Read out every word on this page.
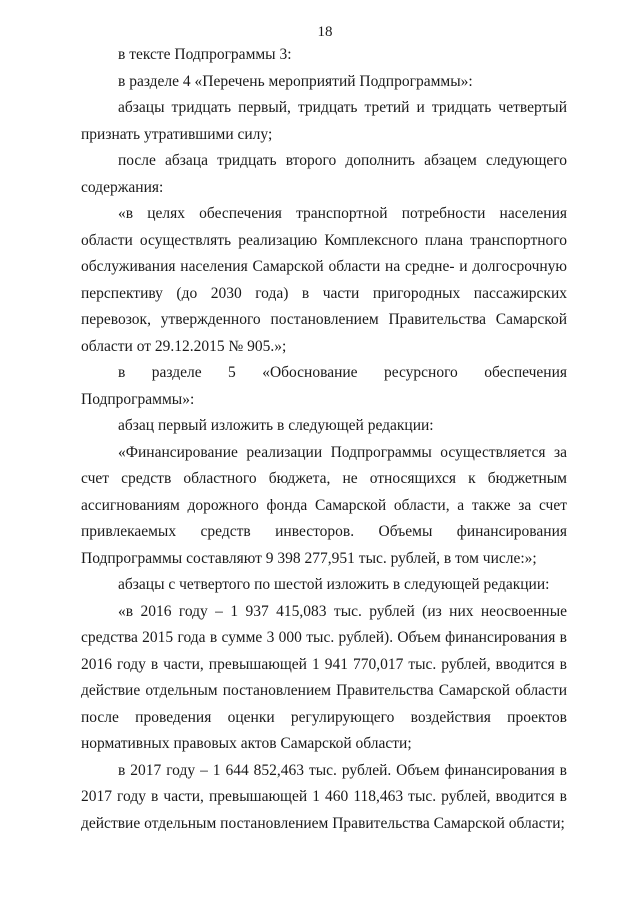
18

в тексте Подпрограммы 3:

в разделе 4 «Перечень мероприятий Подпрограммы»:

абзацы тридцать первый, тридцать третий и тридцать четвертый признать утратившими силу;

после абзаца тридцать второго дополнить абзацем следующего содержания:

«в целях обеспечения транспортной потребности населения области осуществлять реализацию Комплексного плана транспортного обслуживания населения Самарской области на средне- и долгосрочную перспективу (до 2030 года) в части пригородных пассажирских перевозок, утвержденного постановлением Правительства Самарской области от 29.12.2015 № 905.»;

в разделе 5 «Обоснование ресурсного обеспечения Подпрограммы»:

абзац первый изложить в следующей редакции:

«Финансирование реализации Подпрограммы осуществляется за счет средств областного бюджета, не относящихся к бюджетным ассигнованиям дорожного фонда Самарской области, а также за счет привлекаемых средств инвесторов. Объемы финансирования Подпрограммы составляют 9 398 277,951 тыс. рублей, в том числе:»;

абзацы с четвертого по шестой изложить в следующей редакции:

«в 2016 году – 1 937 415,083 тыс. рублей (из них неосвоенные средства 2015 года в сумме 3 000 тыс. рублей). Объем финансирования в 2016 году в части, превышающей 1 941 770,017 тыс. рублей, вводится в действие отдельным постановлением Правительства Самарской области после проведения оценки регулирующего воздействия проектов нормативных правовых актов Самарской области;

в 2017 году – 1 644 852,463 тыс. рублей. Объем финансирования в 2017 году в части, превышающей 1 460 118,463 тыс. рублей, вводится в действие отдельным постановлением Правительства Самарской области;
